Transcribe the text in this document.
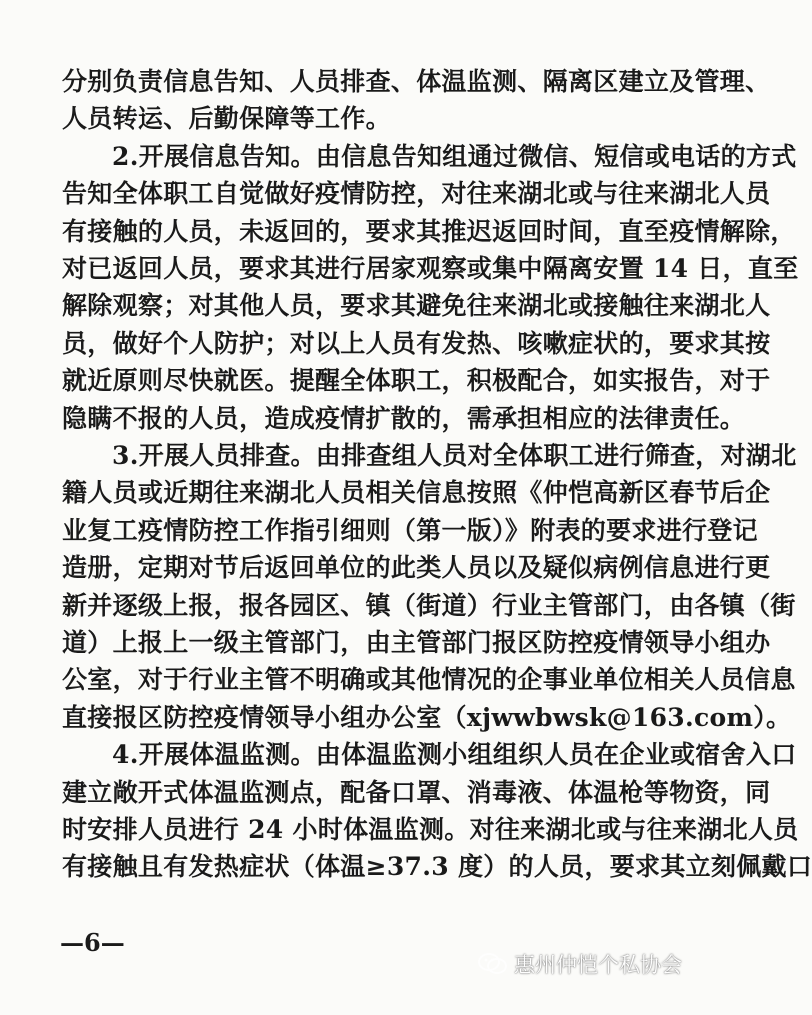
分别负责信息告知、人员排查、体温监测、隔离区建立及管理、
人员转运、后勤保障等工作。
2.开展信息告知。由信息告知组通过微信、短信或电话的方式
告知全体职工自觉做好疫情防控，对往来湖北或与往来湖北人员
有接触的人员，未返回的，要求其推迟返回时间，直至疫情解除，
对已返回人员，要求其进行居家观察或集中隔离安置 14 日，直至
解除观察；对其他人员，要求其避免往来湖北或接触往来湖北人
员，做好个人防护；对以上人员有发热、咳嗽症状的，要求其按
就近原则尽快就医。提醒全体职工，积极配合，如实报告，对于
隐瞒不报的人员，造成疫情扩散的，需承担相应的法律责任。
3.开展人员排查。由排查组人员对全体职工进行筛查，对湖北
籍人员或近期往来湖北人员相关信息按照《仲恺高新区春节后企
业复工疫情防控工作指引细则（第一版）》附表的要求进行登记
造册，定期对节后返回单位的此类人员以及疑似病例信息进行更
新并逐级上报，报各园区、镇（街道）行业主管部门，由各镇（街
道）上报上一级主管部门，由主管部门报区防控疫情领导小组办
公室，对于行业主管不明确或其他情况的企事业单位相关人员信息
直接报区防控疫情领导小组办公室（xjwwbwsk@163.com）。
4.开展体温监测。由体温监测小组组织人员在企业或宿舍入口
建立敞开式体温监测点，配备口罩、消毒液、体温枪等物资，同
时安排人员进行 24 小时体温监测。对往来湖北或与往来湖北人员
有接触且有发热症状（体温≥37.3 度）的人员，要求其立刻佩戴口
—6—
惠州仲恺个私协会
